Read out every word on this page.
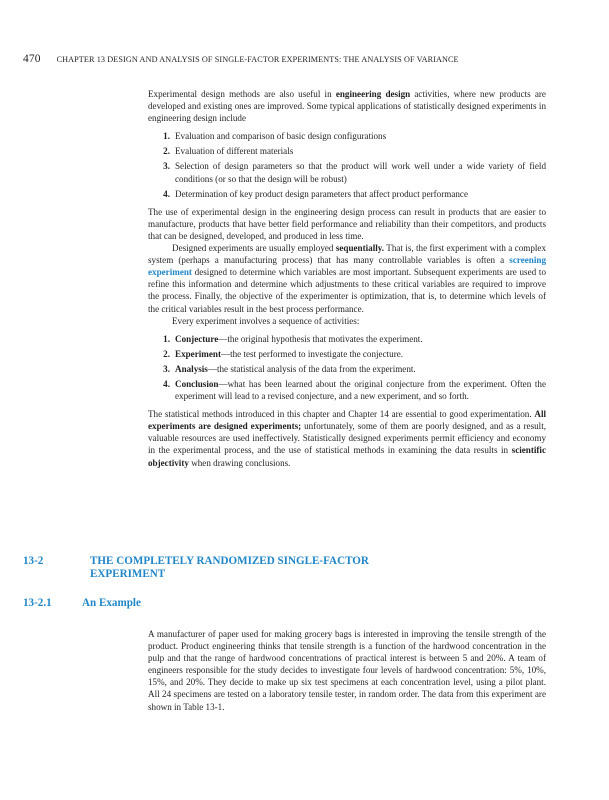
470 CHAPTER 13 DESIGN AND ANALYSIS OF SINGLE-FACTOR EXPERIMENTS: THE ANALYSIS OF VARIANCE

Experimental design methods are also useful in engineering design activities, where new products are developed and existing ones are improved. Some typical applications of statistically designed experiments in engineering design include

1. Evaluation and comparison of basic design configurations
2. Evaluation of different materials
3. Selection of design parameters so that the product will work well under a wide variety of field conditions (or so that the design will be robust)
4. Determination of key product design parameters that affect product performance

The use of experimental design in the engineering design process can result in products that are easier to manufacture, products that have better field performance and reliability than their competitors, and products that can be designed, developed, and produced in less time.

Designed experiments are usually employed sequentially. That is, the first experiment with a complex system (perhaps a manufacturing process) that has many controllable variables is often a screening experiment designed to determine which variables are most important. Subsequent experiments are used to refine this information and determine which adjustments to these critical variables are required to improve the process. Finally, the objective of the experimenter is optimization, that is, to determine which levels of the critical variables result in the best process performance.

Every experiment involves a sequence of activities:

1. Conjecture—the original hypothesis that motivates the experiment.
2. Experiment—the test performed to investigate the conjecture.
3. Analysis—the statistical analysis of the data from the experiment.
4. Conclusion—what has been learned about the original conjecture from the experiment. Often the experiment will lead to a revised conjecture, and a new experiment, and so forth.

The statistical methods introduced in this chapter and Chapter 14 are essential to good experimentation. All experiments are designed experiments; unfortunately, some of them are poorly designed, and as a result, valuable resources are used ineffectively. Statistically designed experiments permit efficiency and economy in the experimental process, and the use of statistical methods in examining the data results in scientific objectivity when drawing conclusions.

13-2	THE COMPLETELY RANDOMIZED SINGLE-FACTOR EXPERIMENT
13-2.1	An Example

A manufacturer of paper used for making grocery bags is interested in improving the tensile strength of the product. Product engineering thinks that tensile strength is a function of the hardwood concentration in the pulp and that the range of hardwood concentrations of practical interest is between 5 and 20%. A team of engineers responsible for the study decides to investigate four levels of hardwood concentration: 5%, 10%, 15%, and 20%. They decide to make up six test specimens at each concentration level, using a pilot plant. All 24 specimens are tested on a laboratory tensile tester, in random order. The data from this experiment are shown in Table 13-1.
